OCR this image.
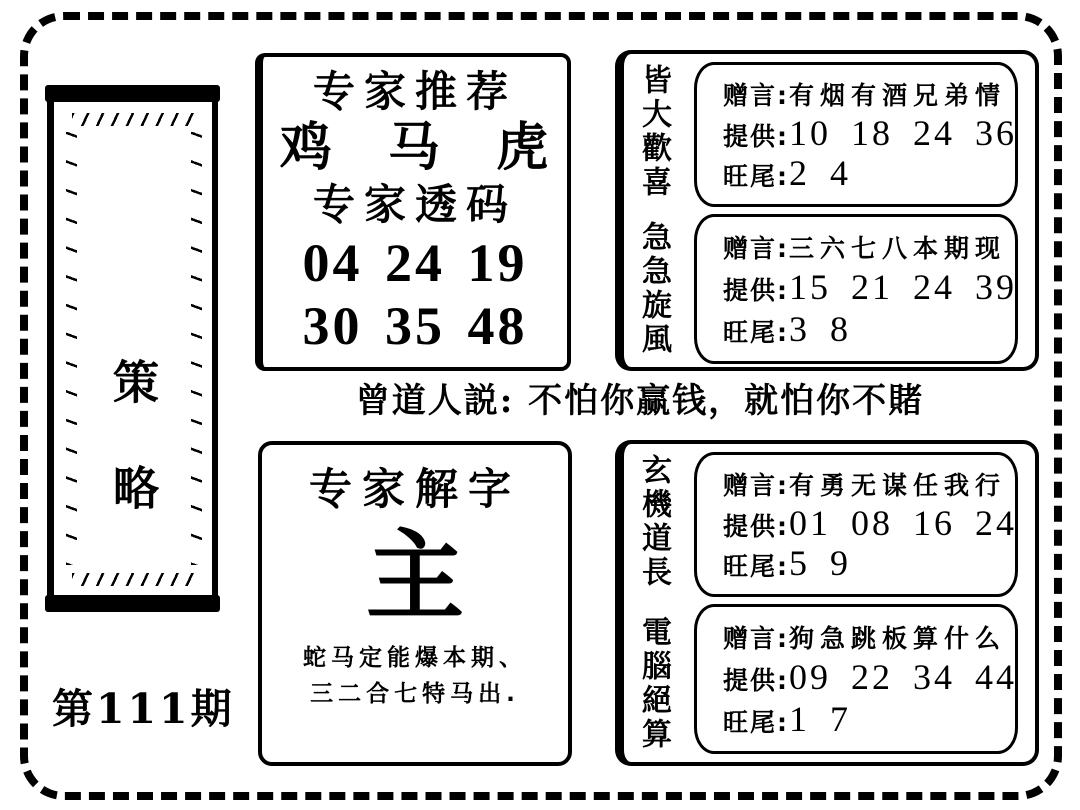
策略
第111期
专家推荐
鸡 马 虎
专家透码
04 24 19
30 35 48
曾道人説: 不怕你赢钱，就怕你不賭
专家解字
主
蛇马定能爆本期、
三二合七特马出.
皆大歡喜
急急旋風
赠言: 有烟有酒兄弟情
提供: 10 18 24 36
旺尾: 2 4
赠言: 三六七八本期现
提供: 15 21 24 39
旺尾: 3 8
玄機道長
電腦絕算
赠言: 有勇无谋任我行
提供: 01 08 16 24
旺尾: 5 9
赠言: 狗急跳板算什么
提供: 09 22 34 44
旺尾: 1 7
